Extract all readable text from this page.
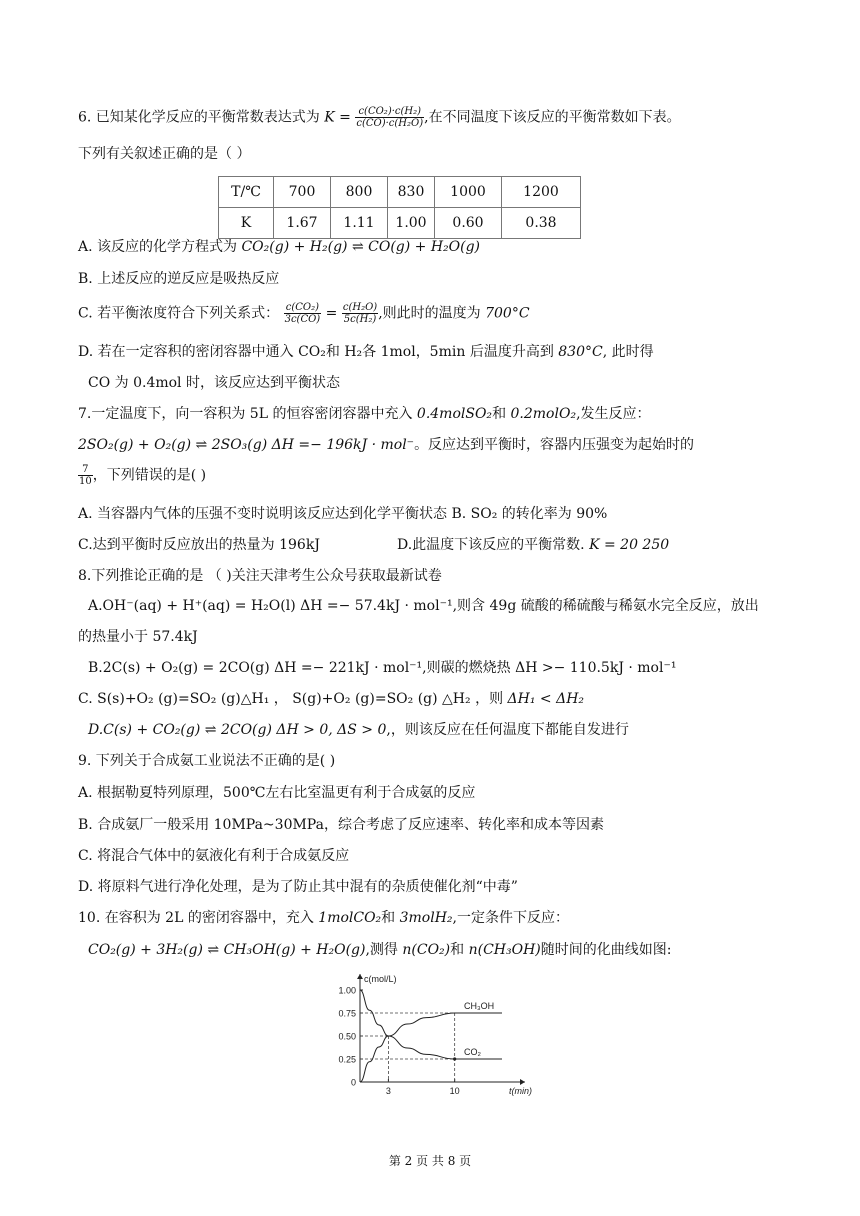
6. 已知某化学反应的平衡常数表达式为 $K = \frac{\text{c(CO₂)·c(H₂)}}{\text{c(CO)·c(H₂O)}}$ ,在不同温度下该反应的平衡常数如下表。
下列有关叙述正确的是（ ）
T/℃	700	800	830	1000	1200
K	1.67	1.11	1.00	0.60	0.38
A. 该反应的化学方程式为 CO₂(g) + H₂(g) ⇌ CO(g) + H₂O(g)
B. 上述反应的逆反应是吸热反应
C. 若平衡浓度符合下列关系式： $\frac{\text{c(CO₂)}}{3c(CO)} = \frac{\text{c(H₂O)}}{\text{5c(H₂)}}$ ,则此时的温度为 700°C
D. 若在一定容积的密闭容器中通入 CO₂和 H₂各 1mol，5min 后温度升高到 830°C, 此时得
CO 为 0.4mol 时，该反应达到平衡状态
7.一定温度下，向一容积为 5L 的恒容密闭容器中充入 0.4molSO₂和 0.2molO₂,发生反应：
2SO₂(g) + O₂(g) ⇌ 2SO₃(g) ΔH =− 196kJ · mol⁻。反应达到平衡时，容器内压强变为起始时的
$\frac{7}{10}$ ，下列错误的是( )
A. 当容器内气体的压强不变时说明该反应达到化学平衡状态 B. SO₂ 的转化率为 90%
C.达到平衡时反应放出的热量为 196kJ	D.此温度下该反应的平衡常数. K = 20 250
8.下列推论正确的是 （ )关注天津考生公众号获取最新试卷
A.OH⁻(aq) + H⁺(aq) = H₂O(l) ΔH =− 57.4kJ · mol⁻¹,则含 49g 硫酸的稀硫酸与稀氨水完全反应，放出
的热量小于 57.4kJ
B.2C(s) + O₂(g) = 2CO(g) ΔH =− 221kJ · mol⁻¹,则碳的燃烧热 ΔH >− 110.5kJ · mol⁻¹
C. S(s)+O₂ (g)=SO₂ (g)△H₁ ， S(g)+O₂ (g)=SO₂ (g) △H₂ ，则 ΔH₁ < ΔH₂
D.C(s) + CO₂(g) ⇌ 2CO(g) ΔH > 0, ΔS > 0,，则该反应在任何温度下都能自发进行
9. 下列关于合成氨工业说法不正确的是( )
A. 根据勒夏特列原理，500℃左右比室温更有利于合成氨的反应
B. 合成氨厂一般采用 10MPa~30MPa，综合考虑了反应速率、转化率和成本等因素
C. 将混合气体中的氨液化有利于合成氨反应
D. 将原料气进行净化处理，是为了防止其中混有的杂质使催化剂“中毒”
10. 在容积为 2L 的密闭容器中，充入 1molCO₂和 3molH₂,一定条件下反应：
CO₂(g) + 3H₂(g) ⇌ CH₃OH(g) + H₂O(g),测得 n(CO₂)和 n(CH₃OH)随时间的化曲线如图:
1.00
0.75
0.50
0.25
0
3	10
c(mol/L)
t(min)
CH₃OH
CO₂
第 2 页 共 8 页
